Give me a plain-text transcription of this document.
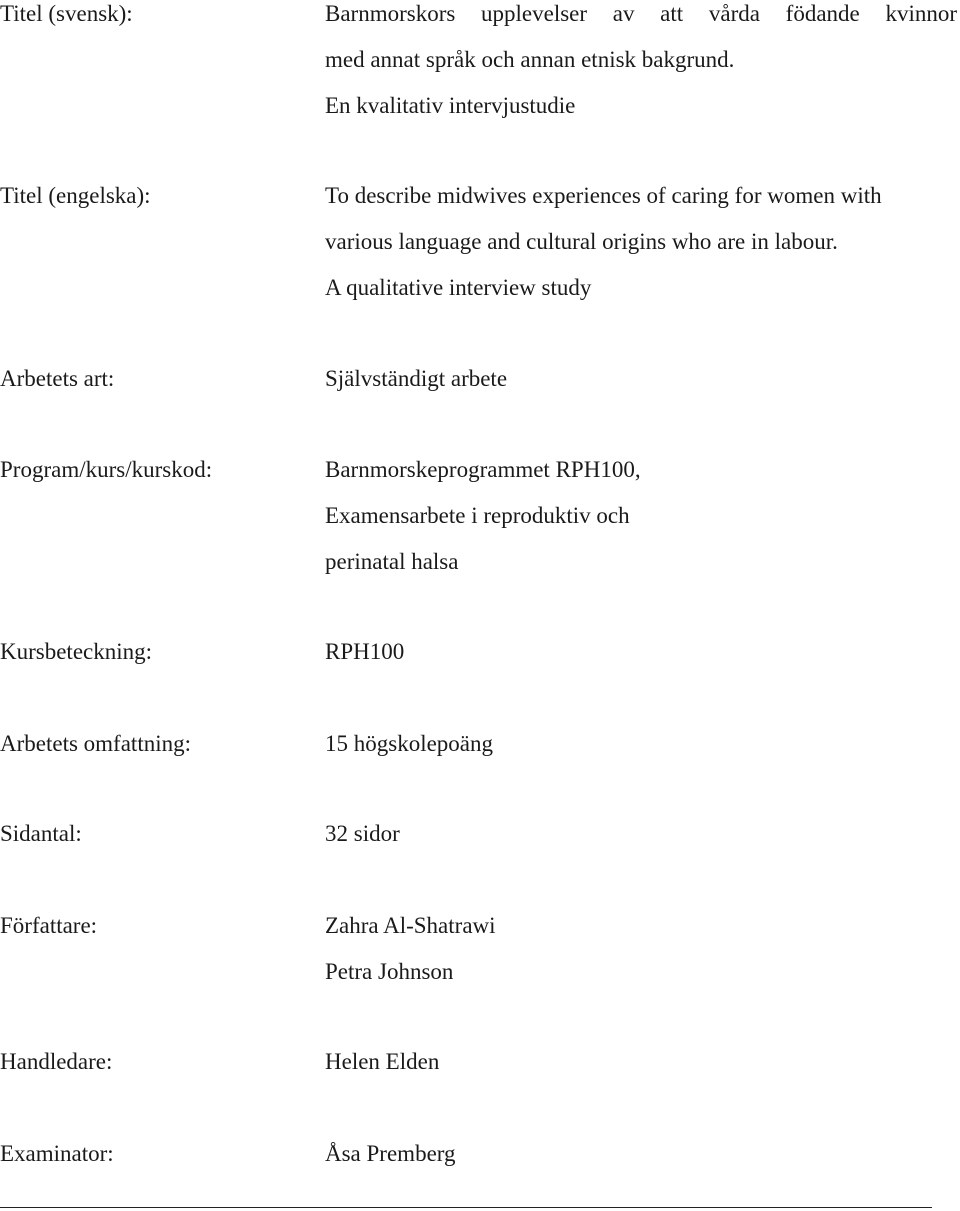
Titel (svensk):	Barnmorskors upplevelser av att vårda födande kvinnor
med annat språk och annan etnisk bakgrund.
En kvalitativ intervjustudie
Titel (engelska):	To describe midwives experiences of caring for women with
various language and cultural origins who are in labour.
A qualitative interview study
Arbetets art:	Självständigt arbete
Program/kurs/kurskod:	Barnmorskeprogrammet RPH100,
Examensarbete i reproduktiv och
perinatal halsa
Kursbeteckning:	RPH100
Arbetets omfattning:	15 högskolepoäng
Sidantal:	32 sidor
Författare:	Zahra Al-Shatrawi
Petra Johnson
Handledare:	Helen Elden
Examinator:	Åsa Premberg
